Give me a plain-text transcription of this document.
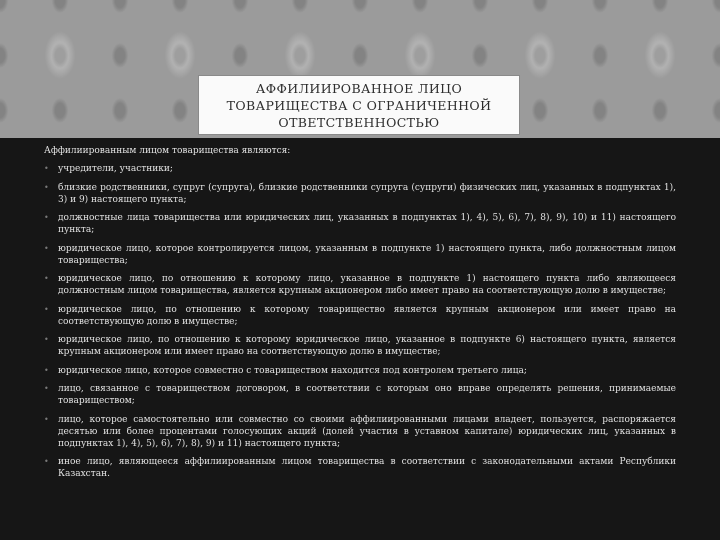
АФФИЛИИРОВАННОЕ ЛИЦО
ТОВАРИЩЕСТВА С ОГРАНИЧЕННОЙ
ОТВЕТСТВЕННОСТЬЮ

Аффилиированным лицом товарищества являются:

• учредители, участники;
• близкие родственники, супруг (супруга), близкие родственники супруга (супруги) физических лиц, указанных в подпунктах 1), 3) и 9) настоящего пункта;
• должностные лица товарищества или юридических лиц, указанных в подпунктах 1), 4), 5), 6), 7), 8), 9), 10) и 11) настоящего пункта;
• юридическое лицо, которое контролируется лицом, указанным в подпункте 1) настоящего пункта, либо должностным лицом товарищества;
• юридическое лицо, по отношению к которому лицо, указанное в подпункте 1) настоящего пункта либо являющееся должностным лицом товарищества, является крупным акционером либо имеет право на соответствующую долю в имуществе;
• юридическое лицо, по отношению к которому товарищество является крупным акционером или имеет право на соответствующую долю в имуществе;
• юридическое лицо, по отношению к которому юридическое лицо, указанное в подпункте 6) настоящего пункта, является крупным акционером или имеет право на соответствующую долю в имуществе;
• юридическое лицо, которое совместно с товариществом находится под контролем третьего лица;
• лицо, связанное с товариществом договором, в соответствии с которым оно вправе определять решения, принимаемые товариществом;
• лицо, которое самостоятельно или совместно со своими аффилиированными лицами владеет, пользуется, распоряжается десятью или более процентами голосующих акций (долей участия в уставном капитале) юридических лиц, указанных в подпунктах 1), 4), 5), 6), 7), 8), 9) и 11) настоящего пункта;
• иное лицо, являющееся аффилиированным лицом товарищества в соответствии с законодательными актами Республики Казахстан.
